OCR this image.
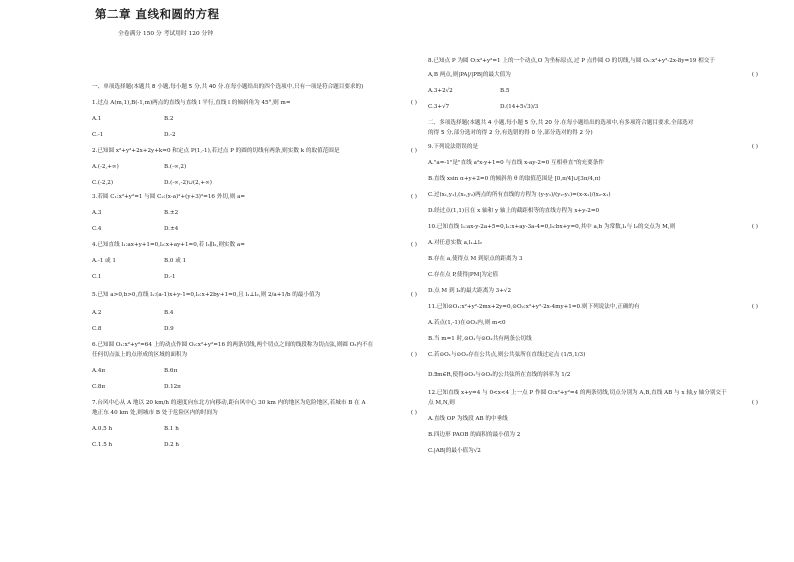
第二章 直线和圆的方程
全卷满分 150 分 考试用时 120 分钟
一、单项选择题(本题共 8 小题,每小题 5 分,共 40 分.在每小题给出的四个选项中,只有一项是符合题目要求的)
1.过点 A(m,1),B(-1,m)两点的直线与直线 l 平行,直线 l 的倾斜角为 45°,则 m=	( )
A.1	B.2
C.-1	D.-2
2.已知圆 x²+y²+2x+2y+k=0 和定点 P(1,-1),若过点 P 的圆的切线有两条,则实数 k 的取值范围是	( )
A.(-2,+∞)	B.(-∞,2)
C.(-2,2)	D.(-∞,-2)∪(2,+∞)
3.若圆 C₁:x²+y²=1 与圆 C₂:(x-a)²+(y+3)²=16 外切,则 a=	( )
A.3	B.±2
C.4	D.±4
4.已知直线 l₁:ax+y+1=0,l₂:x+ay+1=0,若 l₁∥l₂,则实数 a=	( )
A.-1 或 1	B.0 或 1
C.1	D.-1
5.已知 a>0,b>0,直线 l₁:(a-1)x+y-1=0,l₂:x+2by+1=0,且 l₁⊥l₂,则 2/a+1/b 的最小值为	( )
A.2	B.4
C.8	D.9
6.已知圆 O₁:x²+y²=64 上的动点作圆 O₂:x²+y²=16 的两条切线,两个切点之间的线段称为切点弦,则圆 O₂内不在
任何切点弦上的点形成的区域的面积为	( )
A.4π	B.6π
C.8π	D.12π
7.台风中心从 A 地以 20 km/h 的速度向东北方向移动,距台风中心 30 km 内的地区为危险地区,若城市 B 在 A
地正东 40 km 处,则城市 B 处于危险区内的时间为	( )
A.0.5 h	B.1 h
C.1.5 h	D.2 h
8.已知点 P 为圆 O:x²+y²=1 上的一个动点,O 为坐标原点,过 P 点作圆 O 的切线,与圆 O₁:x²+y²-2x-8y=19 相交于
A,B 两点,则|PA|/|PB|的最大值为	( )
A.3+2√2	B.5
C.3+√7	D.(14+5√3)/3
二、多项选择题(本题共 4 小题,每小题 5 分,共 20 分.在每小题给出的选项中,有多项符合题目要求,全部选对
的得 5 分,部分选对的得 2 分,有选错的得 0 分,部分选对的得 2 分)
9.下列说法错误的是	( )
A."a=-1"是"直线 a²x-y+1=0 与直线 x-ay-2=0 互相垂直"的充要条件
B.直线 xsin α+y+2=0 的倾斜角 θ 的取值范围是 [0,π/4]∪[3π/4,π)
C.过(x₁,y₁),(x₂,y₂)两点的所有直线的方程为 (y-y₁)/(y₂-y₁)=(x-x₁)/(x₂-x₁)
D.经过点(1,1)且在 x 轴和 y 轴上的截距相等的直线方程为 x+y-2=0
10.已知直线 l₁:ax-y-2a+5=0,l₂:x+ay-3a-4=0,l₃:bx+y=0,其中 a,b 为常数,l₁与 l₂的交点为 M,则	( )
A.对任意实数 a,l₁⊥l₂
B.存在 a,使得点 M 到原点的距离为 3
C.存在点 P,使得|PM|为定值
D.点 M 到 l₃的最大距离为 3+√2
11.已知⊙O₁:x²+y²-2mx+2y=0,⊙O₂:x²+y²-2x-4my+1=0.则下列说法中,正确的有	( )
A.若点(1,-1)在⊙O₁内,则 m<0
B.当 m=1 时,⊙O₁与⊙O₂共有两条公切线
C.若⊙O₁与⊙O₂存在公共点,则公共弦所在直线过定点 (1/5,1/3)
D.∃m∈R,使得⊙O₁与⊙O₂的公共弦所在直线的斜率为 1/2
12.已知直线 x+y=4 与 0<x<4 上一点 P 作圆 O:x²+y²=4 的两条切线,切点分别为 A,B,直线 AB 与 x 轴,y 轴分别交于
点 M,N,则	( )
A.直线 OP 为线段 AB 的中垂线
B.四边形 PAOB 的面积的最小值为 2
C.|AB|的最小值为√2
